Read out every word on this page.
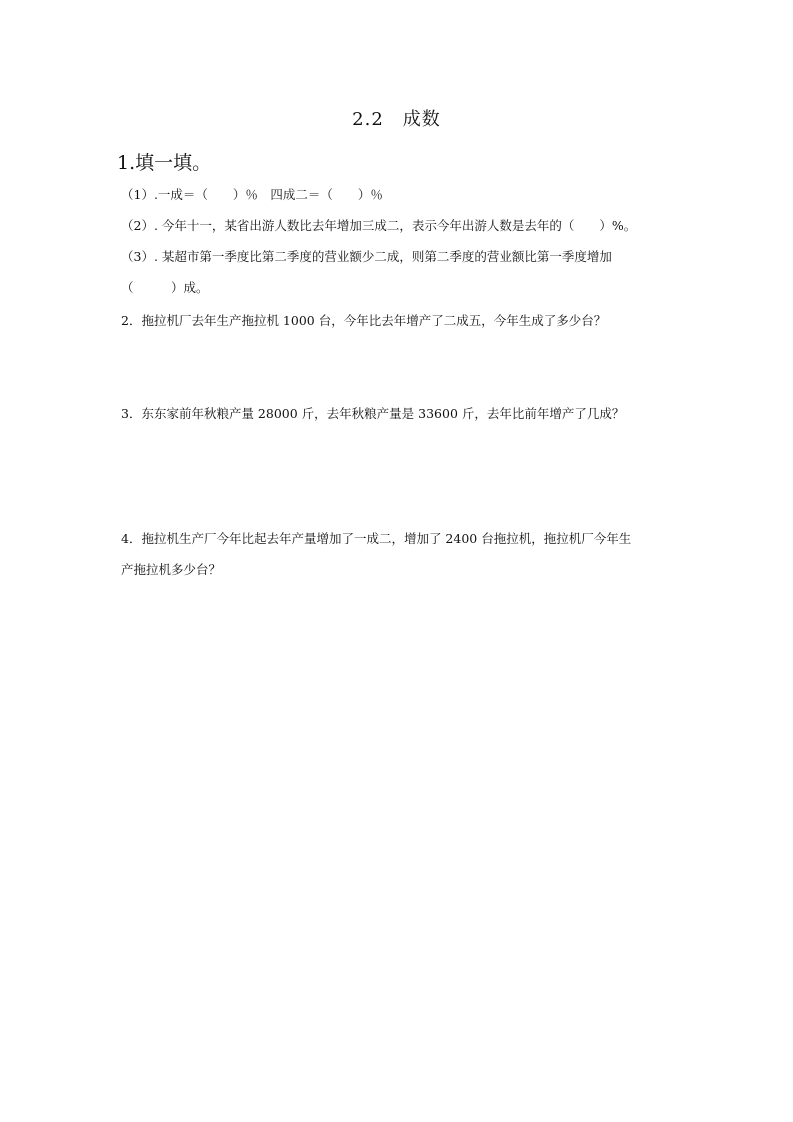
2.2　成数
1.填一填。
（1）.一成＝（　　）％　四成二＝（　　）％
（2）. 今年十一，某省出游人数比去年增加三成二，表示今年出游人数是去年的（　　）%。
（3）. 某超市第一季度比第二季度的营业额少二成，则第二季度的营业额比第一季度增加
（　　　）成。
2．拖拉机厂去年生产拖拉机 1000 台，今年比去年增产了二成五，今年生成了多少台？
3．东东家前年秋粮产量 28000 斤，去年秋粮产量是 33600 斤，去年比前年增产了几成？
4．拖拉机生产厂今年比起去年产量增加了一成二，增加了 2400 台拖拉机，拖拉机厂今年生
产拖拉机多少台？
